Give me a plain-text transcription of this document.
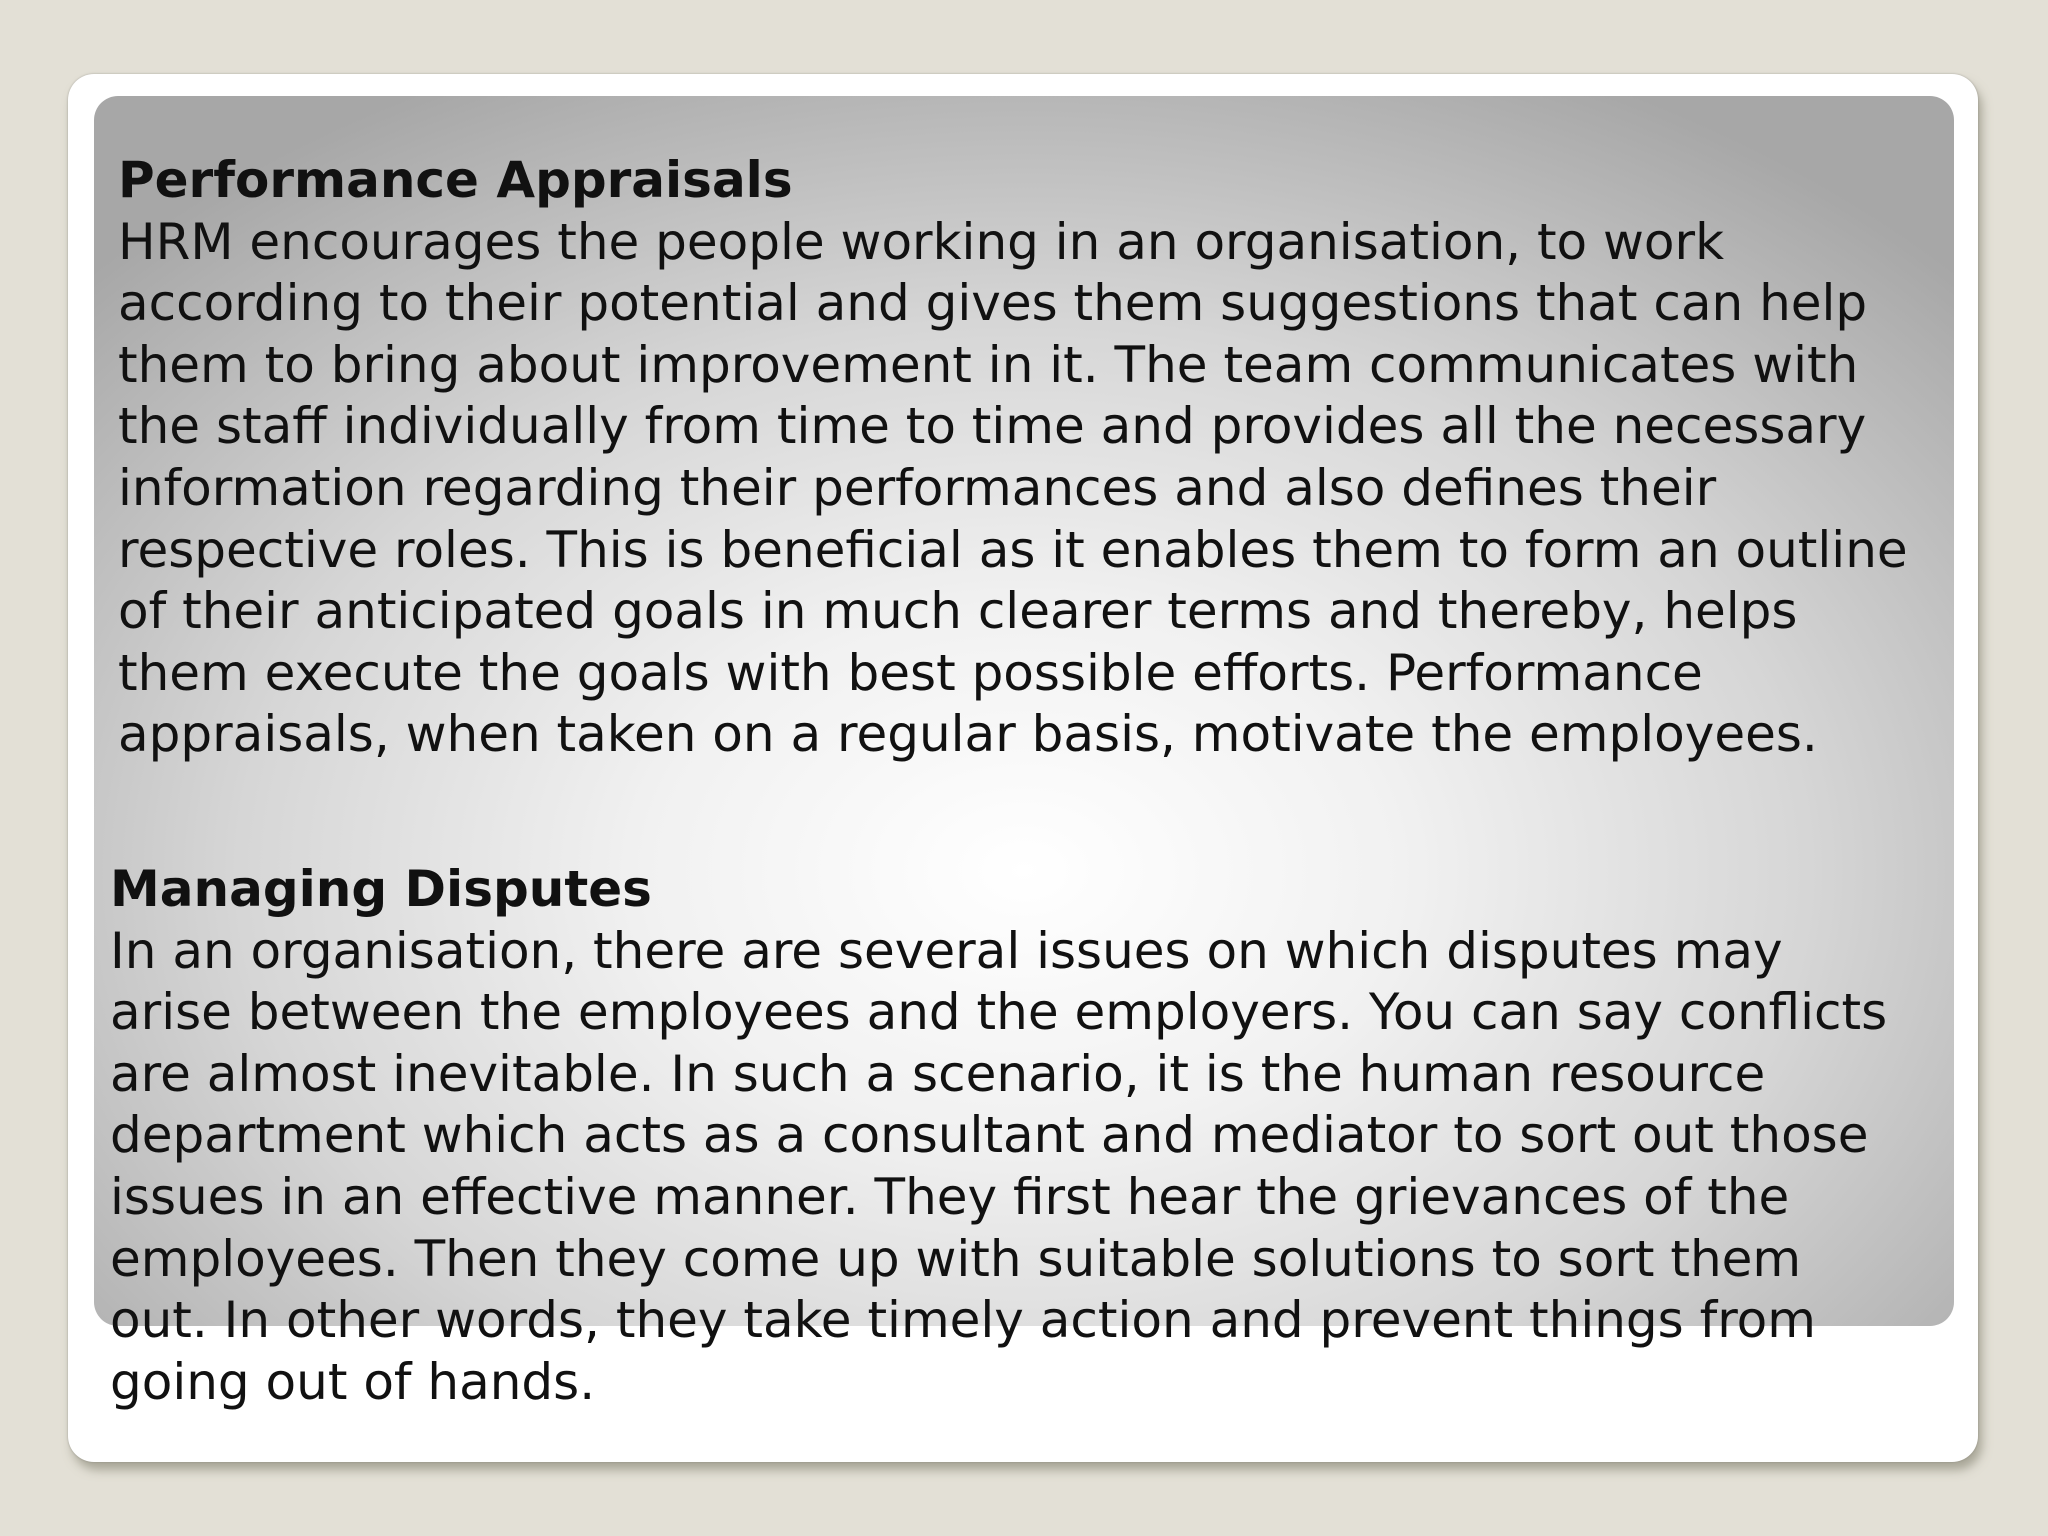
Performance Appraisals

HRM encourages the people working in an organisation, to work
according to their potential and gives them suggestions that can help
them to bring about improvement in it. The team communicates with
the staff individually from time to time and provides all the necessary
information regarding their performances and also defines their
respective roles. This is beneficial as it enables them to form an outline
of their anticipated goals in much clearer terms and thereby, helps
them execute the goals with best possible efforts. Performance
appraisals, when taken on a regular basis, motivate the employees.

Managing Disputes

In an organisation, there are several issues on which disputes may
arise between the employees and the employers. You can say conflicts
are almost inevitable. In such a scenario, it is the human resource
department which acts as a consultant and mediator to sort out those
issues in an effective manner. They first hear the grievances of the
employees. Then they come up with suitable solutions to sort them
out. In other words, they take timely action and prevent things from
going out of hands.
